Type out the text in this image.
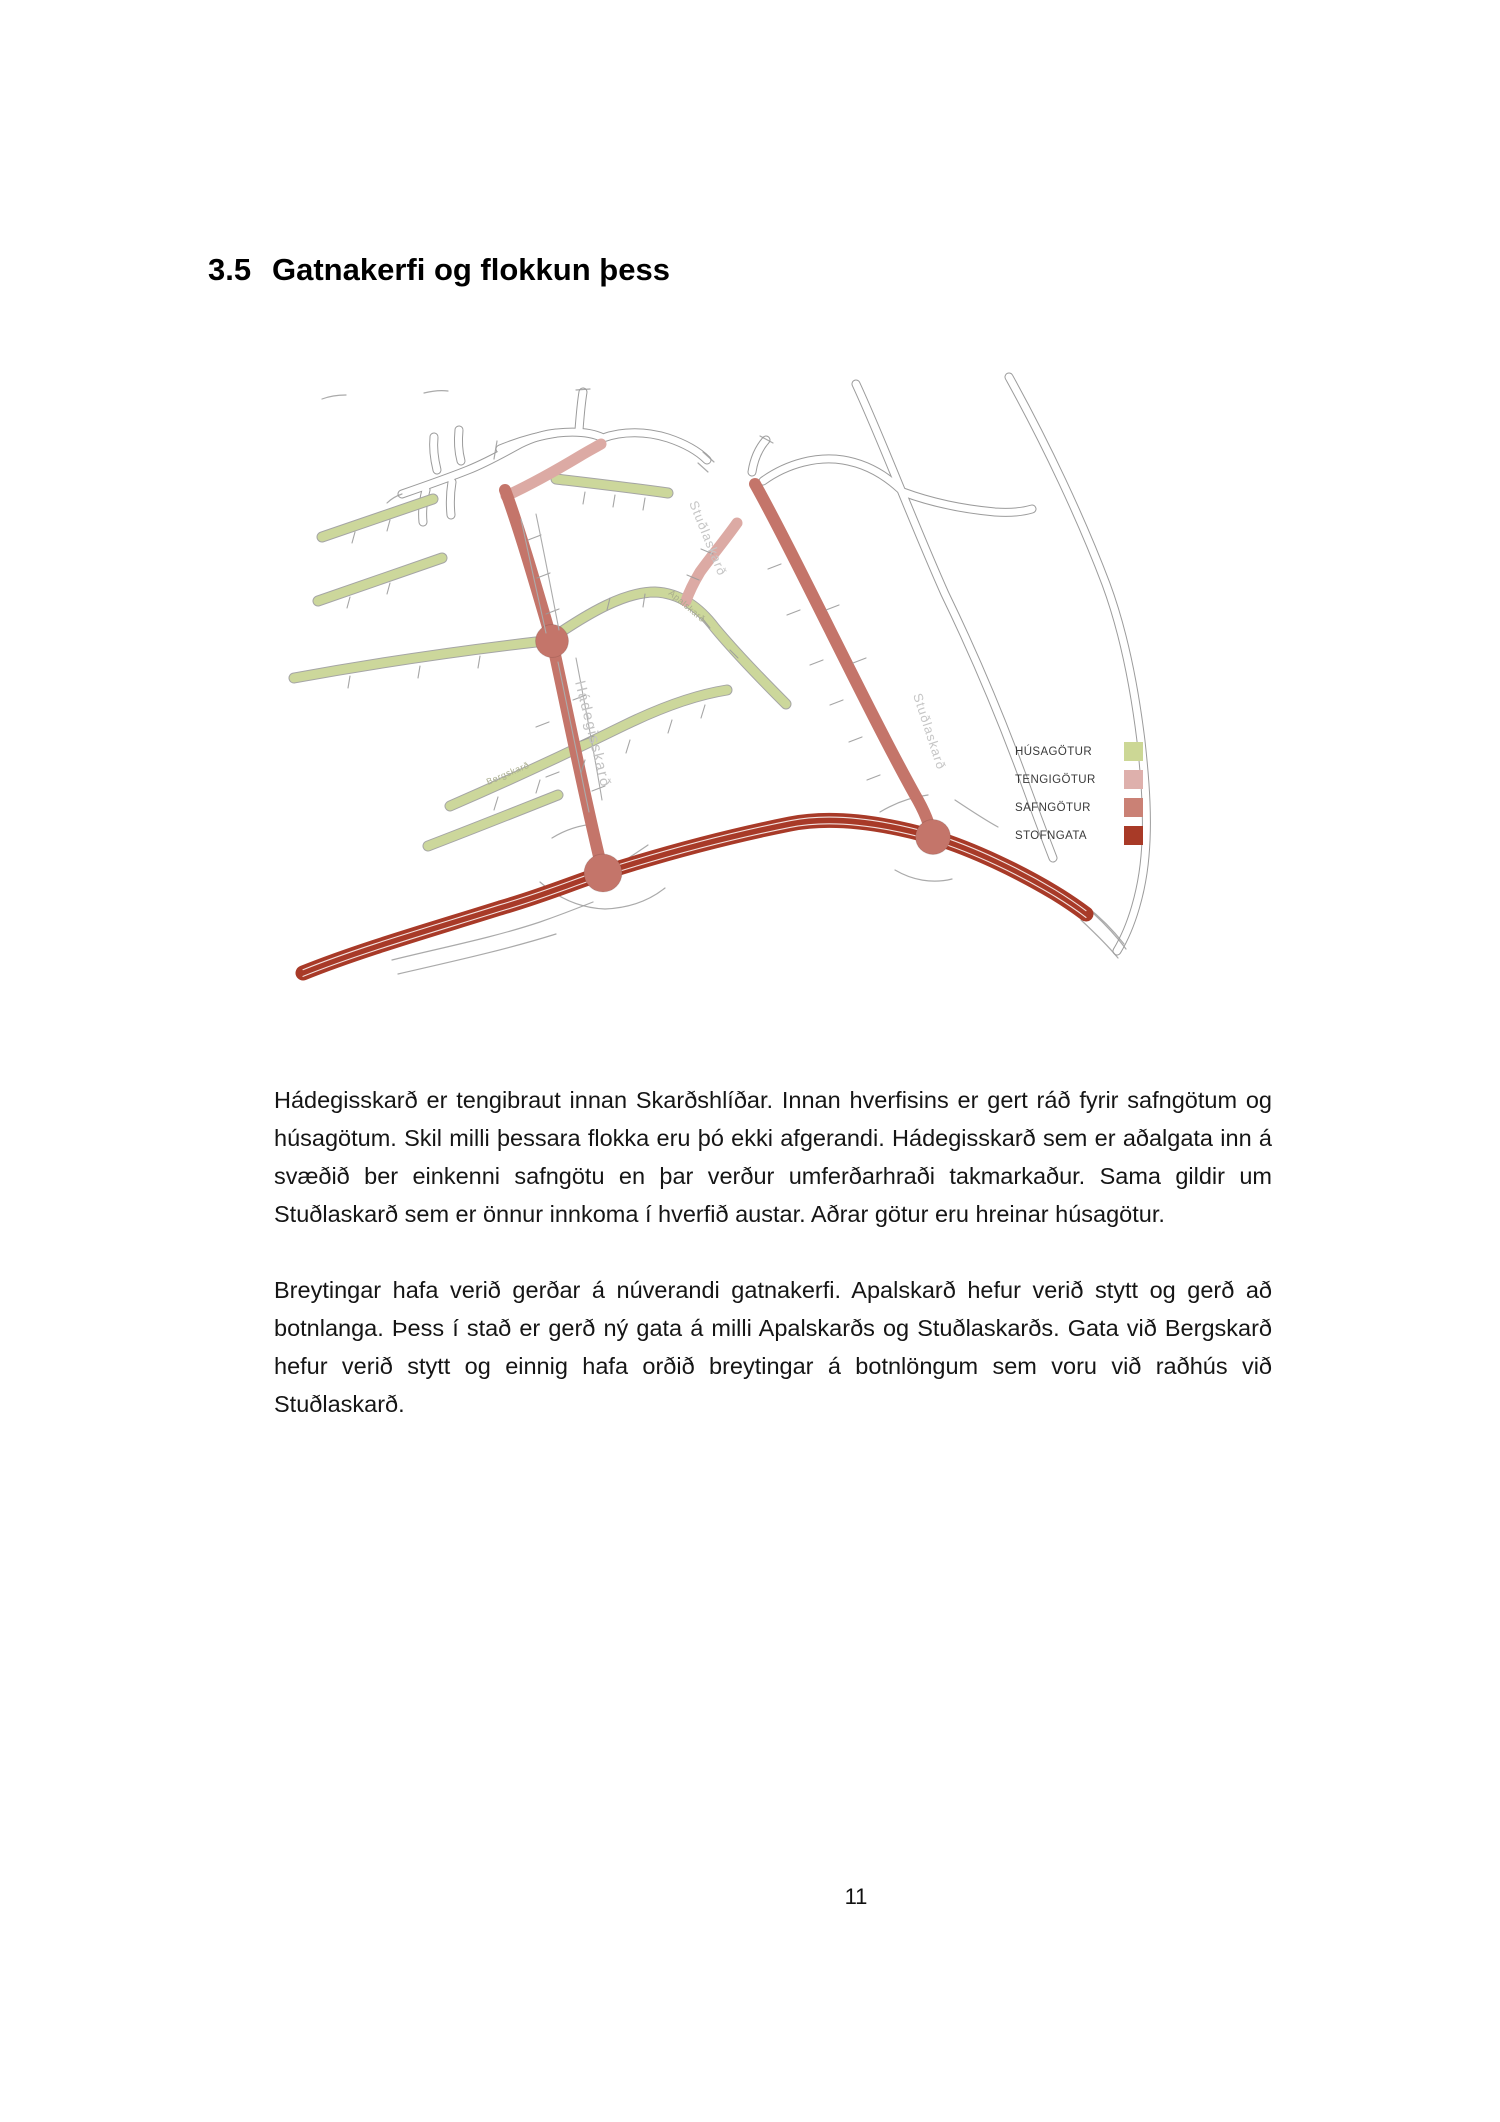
3.5 Gatnakerfi og flokkun þess
Hádegisskarð
Stuðlaskarð
Stuðlaskarð
Apalskarð
Bergskarð
HÚSAGÖTUR
TENGIGÖTUR
SAFNGÖTUR
STOFNGATA

Hádegisskarð er tengibraut innan Skarðshlíðar. Innan hverfisins er gert ráð fyrir safngötum og húsagötum. Skil milli þessara flokka eru þó ekki afgerandi. Hádegisskarð sem er aðalgata inn á svæðið ber einkenni safngötu en þar verður umferðarhraði takmarkaður. Sama gildir um Stuðlaskarð sem er önnur innkoma í hverfið austar. Aðrar götur eru hreinar húsagötur.

Breytingar hafa verið gerðar á núverandi gatnakerfi. Apalskarð hefur verið stytt og gerð að botnlanga. Þess í stað er gerð ný gata á milli Apalskarðs og Stuðlaskarðs. Gata við Bergskarð hefur verið stytt og einnig hafa orðið breytingar á botnlöngum sem voru við raðhús við Stuðlaskarð.

11
